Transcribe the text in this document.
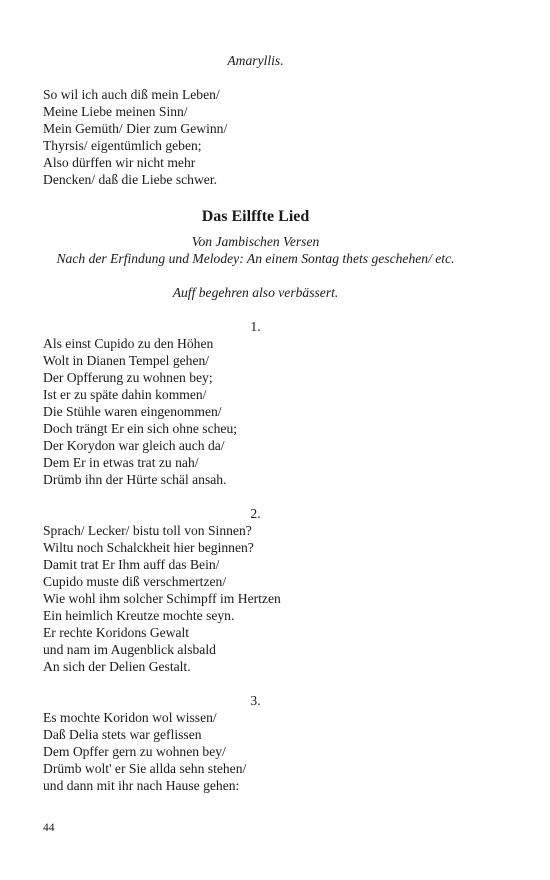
Amaryllis.
So wil ich auch diß mein Leben/
Meine Liebe meinen Sinn/
Mein Gemüth/ Dier zum Gewinn/
Thyrsis/ eigentümlich geben;
Also dürffen wir nicht mehr
Dencken/ daß die Liebe schwer.
Das Eilffte Lied
Von Jambischen Versen
Nach der Erfindung und Melodey: An einem Sontag thets geschehen/ etc.
Auff begehren also verbässert.
1.
Als einst Cupido zu den Höhen
Wolt in Dianen Tempel gehen/
Der Opfferung zu wohnen bey;
Ist er zu späte dahin kommen/
Die Stühle waren eingenommen/
Doch trängt Er ein sich ohne scheu;
Der Korydon war gleich auch da/
Dem Er in etwas trat zu nah/
Drümb ihn der Hürte schäl ansah.
2.
Sprach/ Lecker/ bistu toll von Sinnen?
Wiltu noch Schalckheit hier beginnen?
Damit trat Er Ihm auff das Bein/
Cupido muste diß verschmertzen/
Wie wohl ihm solcher Schimpff im Hertzen
Ein heimlich Kreutze mochte seyn.
Er rechte Koridons Gewalt
und nam im Augenblick alsbald
An sich der Delien Gestalt.
3.
Es mochte Koridon wol wissen/
Daß Delia stets war geflissen
Dem Opffer gern zu wohnen bey/
Drümb wolt' er Sie allda sehn stehen/
und dann mit ihr nach Hause gehen:
44
